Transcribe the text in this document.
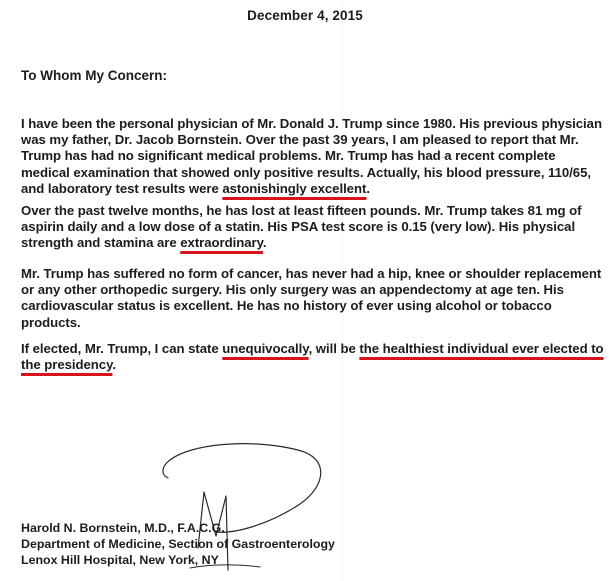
December 4, 2015
To Whom My Concern:
I have been the personal physician of Mr. Donald J. Trump since 1980. His previous physician was my father, Dr. Jacob Bornstein. Over the past 39 years, I am pleased to report that Mr. Trump has had no significant medical problems. Mr. Trump has had a recent complete medical examination that showed only positive results. Actually, his blood pressure, 110/65, and laboratory test results were astonishingly excellent.
Over the past twelve months, he has lost at least fifteen pounds. Mr. Trump takes 81 mg of aspirin daily and a low dose of a statin. His PSA test score is 0.15 (very low). His physical strength and stamina are extraordinary.
Mr. Trump has suffered no form of cancer, has never had a hip, knee or shoulder replacement or any other orthopedic surgery. His only surgery was an appendectomy at age ten. His cardiovascular status is excellent. He has no history of ever using alcohol or tobacco products.
If elected, Mr. Trump, I can state unequivocally, will be the healthiest individual ever elected to the presidency.
Harold N. Bornstein, M.D., F.A.C.G.
Department of Medicine, Section of Gastroenterology
Lenox Hill Hospital, New York, NY
